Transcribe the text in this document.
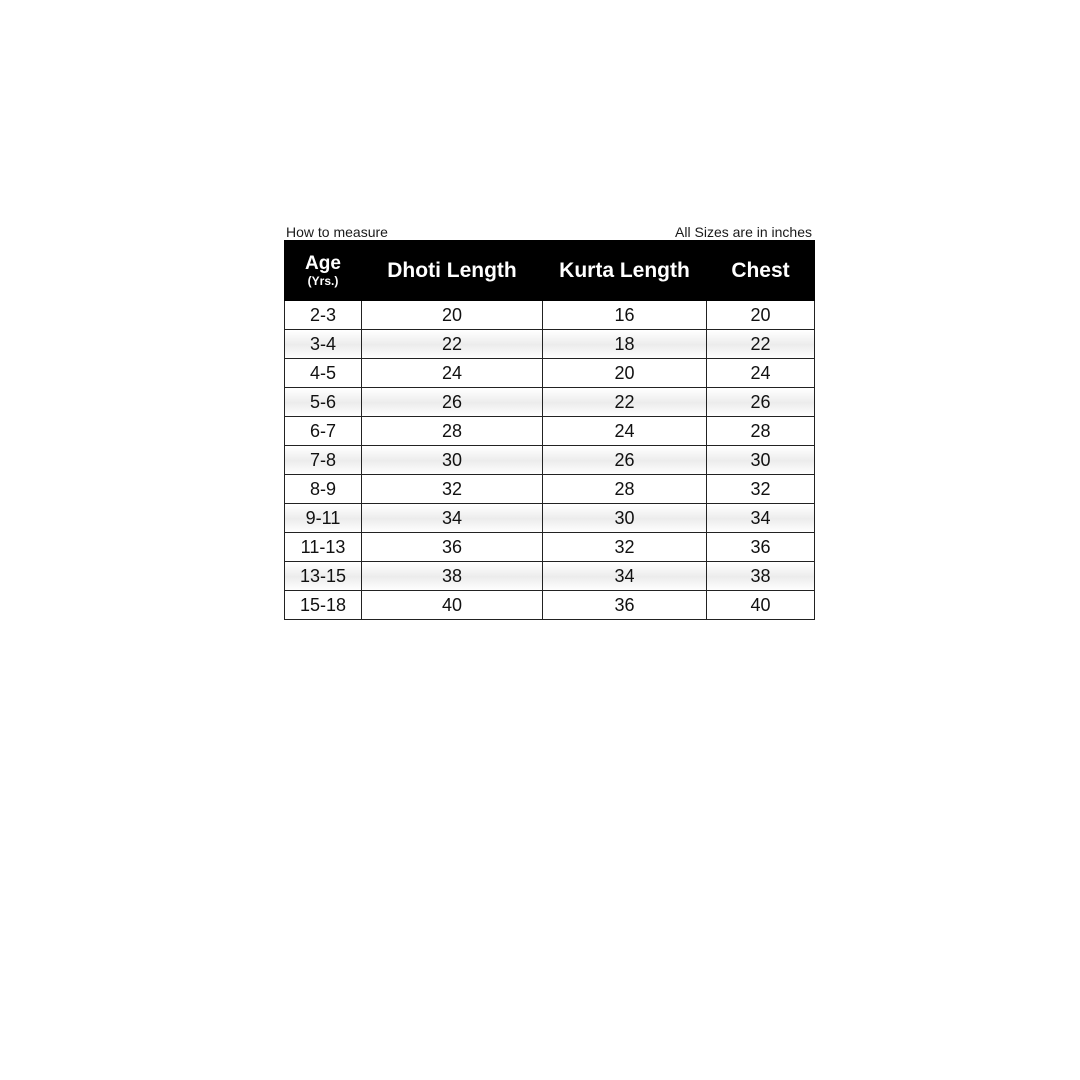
How to measure	All Sizes are in inches
Age
(Yrs.)	Dhoti Length	Kurta Length	Chest
2-3	20	16	20
3-4	22	18	22
4-5	24	20	24
5-6	26	22	26
6-7	28	24	28
7-8	30	26	30
8-9	32	28	32
9-11	34	30	34
11-13	36	32	36
13-15	38	34	38
15-18	40	36	40
